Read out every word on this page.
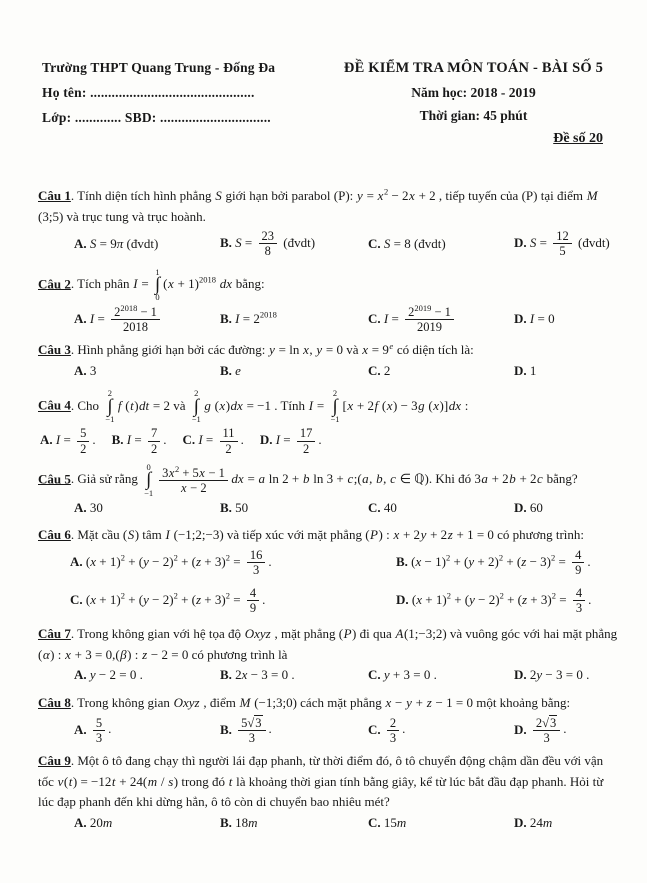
Trường THPT Quang Trung - Đống Đa
Họ tên: ..............................................
Lớp: ............. SBD: ...............................
ĐỀ KIỂM TRA MÔN TOÁN - BÀI SỐ 5
Năm học: 2018 - 2019
Thời gian: 45 phút
Đề số 20
Câu 1. Tính diện tích hình phẳng S giới hạn bởi parabol (P): $y = x^2 - 2x + 2$ , tiếp tuyến của (P) tại điểm M (3;5) và trục tung và trục hoành.
A. S = 9π (đvdt)	B. $S = \frac{23}{8}$ (đvdt)	C. S = 8 (đvdt)	D. $S = \frac{12}{5}$ (đvdt)
Câu 2. Tích phân I =
1
∫
0
$(x + 1)^{2018}$ dx bằng:
A. $I = \frac{2^{2018} - 1}{2018}$	B. $I = 2^{2018}$	C. $I = \frac{2^{2019} - 1}{2019}$	D. I = 0
Câu 3. Hình phẳng giới hạn bởi các đường: y = ln x, y = 0 và $x = 9^e$ có diện tích là:
A. 3	B. e	C. 2	D. 1
Câu 4. Cho
2
∫
−1
f (t)dt = 2 và
2
∫
−1
g (x)dx = −1 . Tính I =
2
∫
−1
[x + 2f (x) − 3g (x)]dx :
A. $I = \frac{5}{2}$ . B. $I = \frac{7}{2}$ . C. $I = \frac{11}{2}$ . D. $I = \frac{17}{2}$ .
Câu 5. Giả sử rằng
0
∫
$-1 \frac{3x^2 + 5x - 1}{x - 2}$ dx = a ln 2 + b ln 3 + c;(a, b, c ∈ ℚ). Khi đó 3a + 2b + 2c bằng?
A. 30	B. 50	C. 40	D. 60
Câu 6. Mặt cầu (S) tâm I (−1;2;−3) và tiếp xúc với mặt phẳng (P) : x + 2y + 2z + 1 = 0 có phương trình:
A. $(x + 1)^2 + (y - 2)^2 + (z + 3)^2 = \frac{16}{3}$ .	B. $(x - 1)^2 + (y + 2)^2 + (z - 3)^2 = \frac{4}{9}$ .
C. $(x + 1)^2 + (y - 2)^2 + (z + 3)^2 = \frac{4}{9}$ .	D. $(x + 1)^2 + (y - 2)^2 + (z + 3)^2 = \frac{4}{3}$ .
Câu 7. Trong không gian với hệ tọa độ Oxyz , mặt phẳng (P) đi qua A(1;−3;2) và vuông góc với hai mặt phẳng (α) : x + 3 = 0,(β) : z − 2 = 0 có phương trình là
A. y − 2 = 0 .	B. 2x − 3 = 0 .	C. y + 3 = 0 .	D. 2y − 3 = 0 .
Câu 8. Trong không gian Oxyz , điểm M (−1;3;0) cách mặt phẳng x − y + z − 1 = 0 một khoảng bằng:
A. $\frac{5}{3}$ .	B. $\frac{5√3}{3}$ .	C. $\frac{2}{3}$ .	D. $\frac{2√3}{3}$ .
Câu 9. Một ô tô đang chạy thì người lái đạp phanh, từ thời điểm đó, ô tô chuyển động chậm dần đều với vận tốc v(t) = −12t + 24(m / s) trong đó t là khoảng thời gian tính bằng giây, kể từ lúc bắt đầu đạp phanh. Hỏi từ lúc đạp phanh đến khi dừng hẳn, ô tô còn di chuyển bao nhiêu mét?
A. 20m	B. 18m	C. 15m	D. 24m
